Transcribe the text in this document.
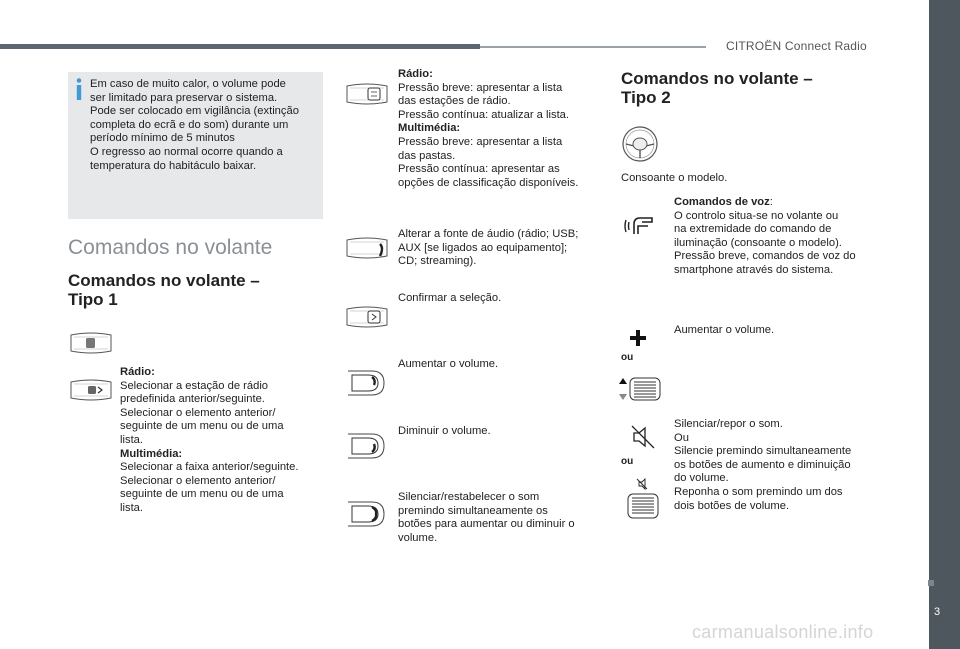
CITROËN Connect Radio
3
Em caso de muito calor, o volume pode
ser limitado para preservar o sistema.
Pode ser colocado em vigilância (extinção
completa do ecrã e do som) durante um
período mínimo de 5 minutos
O regresso ao normal ocorre quando a
temperatura do habitáculo baixar.
Comandos no volante
Comandos no volante –
Tipo 1
Rádio:
Selecionar a estação de rádio
predefinida anterior/seguinte.
Selecionar o elemento anterior/
seguinte de um menu ou de uma
lista.
Multimédia:
Selecionar a faixa anterior/seguinte.
Selecionar o elemento anterior/
seguinte de um menu ou de uma
lista.
Rádio:
Pressão breve: apresentar a lista
das estações de rádio.
Pressão contínua: atualizar a lista.
Multimédia:
Pressão breve: apresentar a lista
das pastas.
Pressão contínua: apresentar as
opções de classificação disponíveis.
Alterar a fonte de áudio (rádio; USB;
AUX [se ligados ao equipamento];
CD; streaming).
Confirmar a seleção.
Aumentar o volume.
Diminuir o volume.
Silenciar/restabelecer o som
premindo simultaneamente os
botões para aumentar ou diminuir o
volume.
Comandos no volante –
Tipo 2
Consoante o modelo.
Comandos de voz:
O controlo situa-se no volante ou
na extremidade do comando de
iluminação (consoante o modelo).
Pressão breve, comandos de voz do
smartphone através do sistema.
ou
Aumentar o volume.
ou
Silenciar/repor o som.
Ou
Silencie premindo simultaneamente
os botões de aumento e diminuição
do volume.
Reponha o som premindo um dos
dois botões de volume.
carmanualsonline.info
